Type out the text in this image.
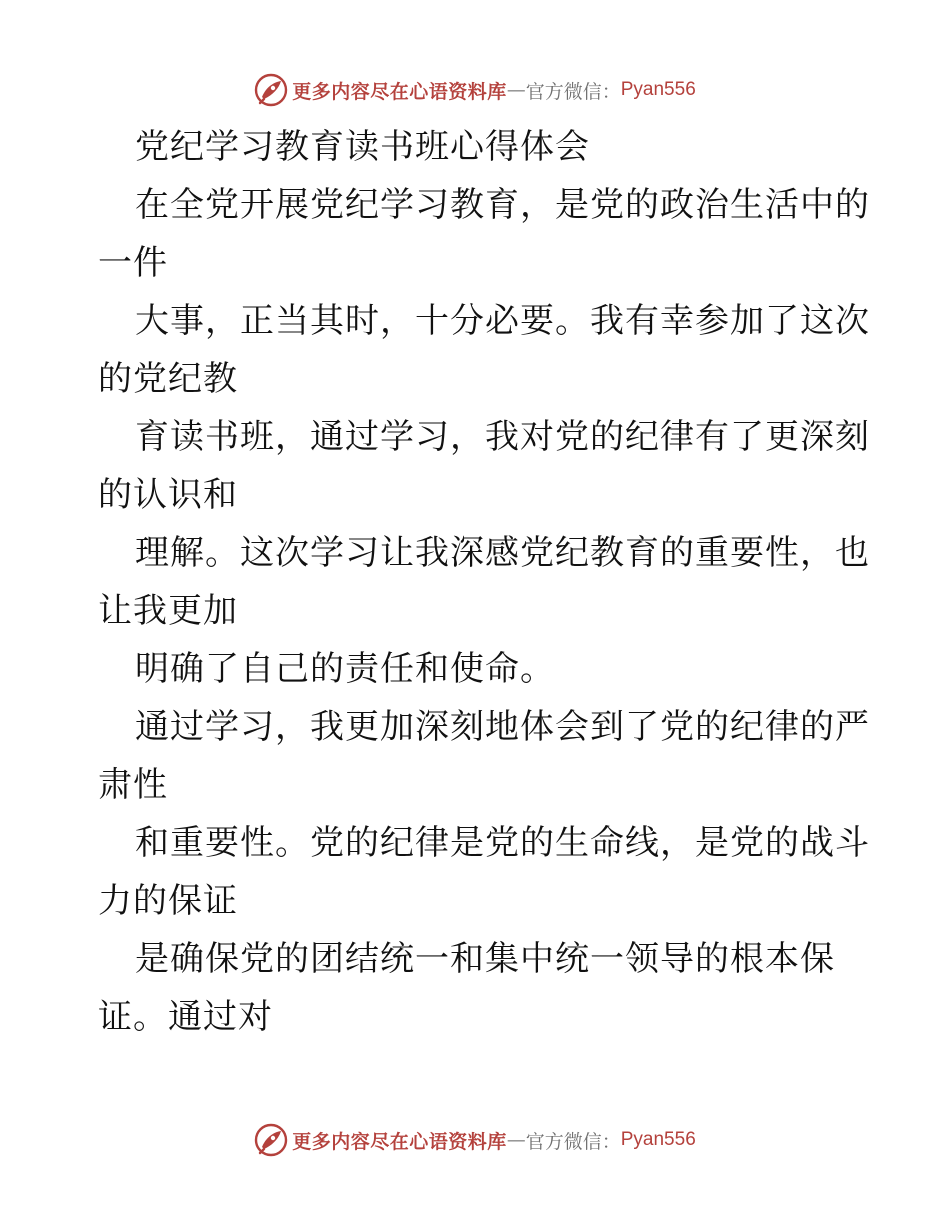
更多内容尽在心语资料库 — 官方微信： Pyan556
党纪学习教育读书班心得体会
在全党开展党纪学习教育，是党的政治生活中的
一件
大事，正当其时，十分必要。我有幸参加了这次
的党纪教
育读书班，通过学习，我对党的纪律有了更深刻
的认识和
理解。这次学习让我深感党纪教育的重要性，也
让我更加
明确了自己的责任和使命。
通过学习，我更加深刻地体会到了党的纪律的严
肃性
和重要性。党的纪律是党的生命线，是党的战斗
力的保证
是确保党的团结统一和集中统一领导的根本保
证。通过对
更多内容尽在心语资料库 — 官方微信： Pyan556
